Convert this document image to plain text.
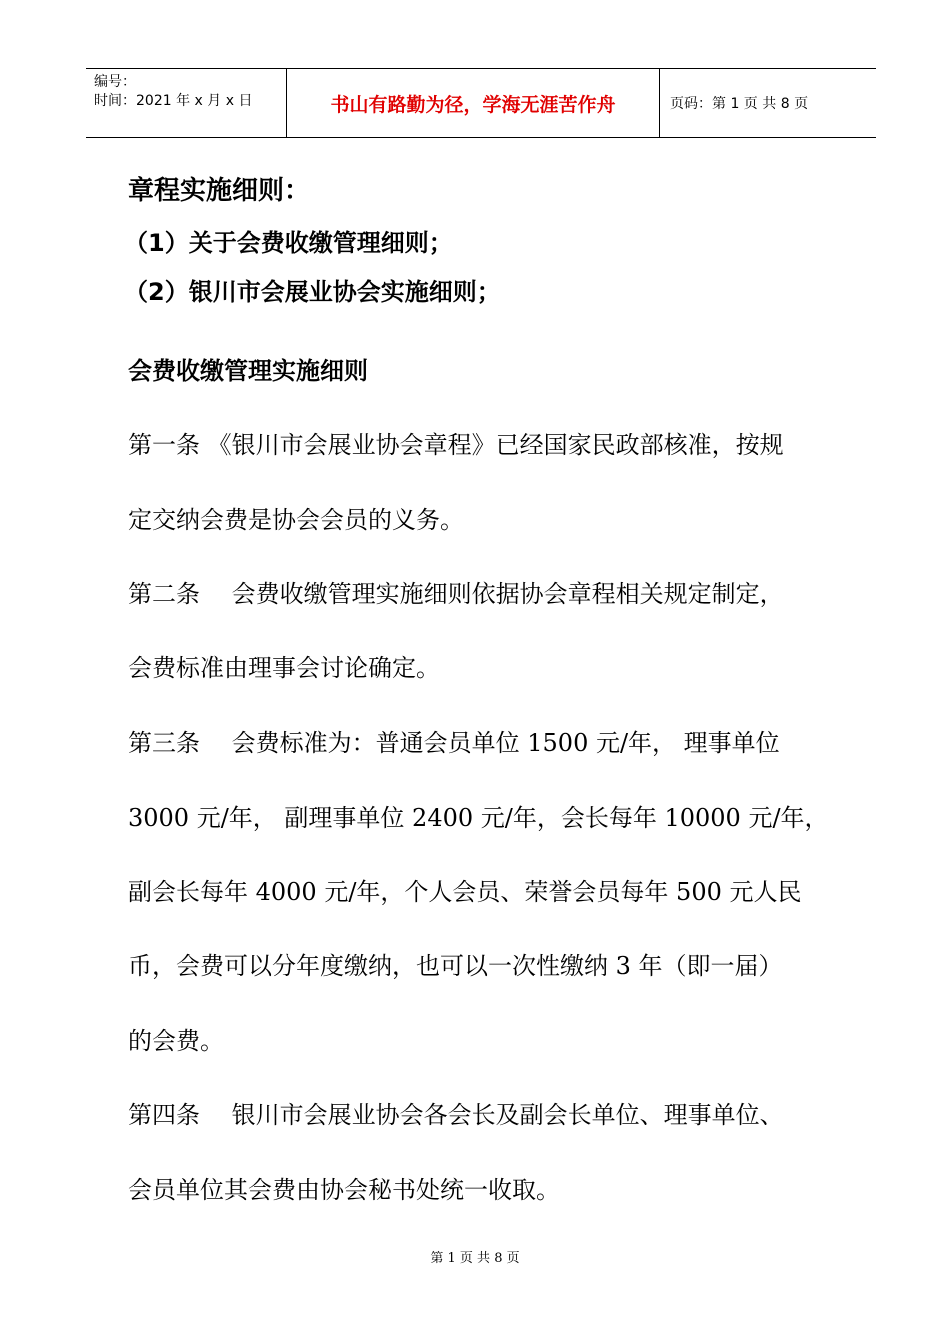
编号：
时间：2021 年 x 月 x 日	书山有路勤为径，学海无涯苦作舟	页码：第 1 页 共 8 页
章程实施细则：
（1）关于会费收缴管理细则；
（2）银川市会展业协会实施细则；
会费收缴管理实施细则
第一条 《银川市会展业协会章程》已经国家民政部核准，按规
定交纳会费是协会会员的义务。
第二条　 会费收缴管理实施细则依据协会章程相关规定制定，
会费标准由理事会讨论确定。
第三条　 会费标准为：普通会员单位 1500 元/年， 理事单位
3000 元/年， 副理事单位 2400 元/年，会长每年 10000 元/年，
副会长每年 4000 元/年，个人会员、荣誉会员每年 500 元人民
币，会费可以分年度缴纳，也可以一次性缴纳 3 年（即一届）
的会费。
第四条　 银川市会展业协会各会长及副会长单位、理事单位、
会员单位其会费由协会秘书处统一收取。
第 1 页 共 8 页
